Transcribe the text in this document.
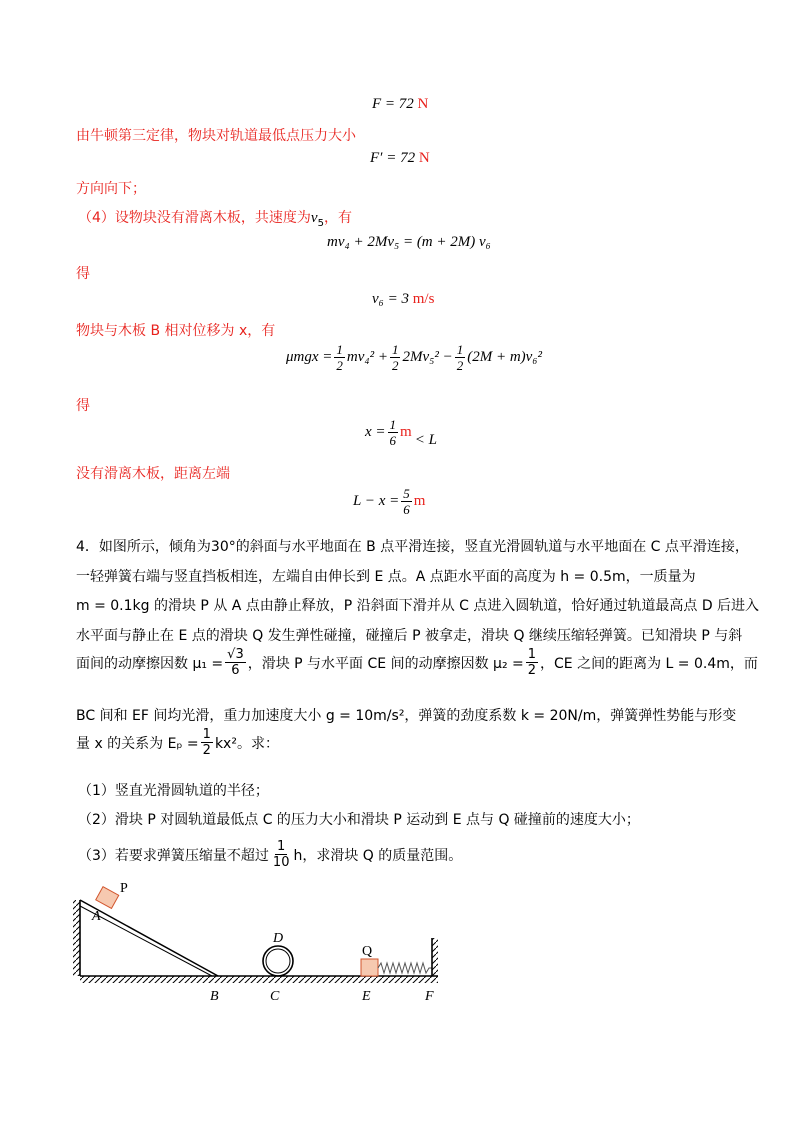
F = 72 N
由牛顿第三定律，物块对轨道最低点压力大小
F′ = 72 N
方向向下；
（4）设物块没有滑离木板，共速度为$v_5$，有
mv₄ + 2Mv₅ = (m + 2M) v₆
得
v₆ = 3 m/s
物块与木板 B 相对位移为 x，有
$\mu mgx = \frac{1}{2} mv_4^2 + \frac{1}{2} 2Mv_5^2 - \frac{1}{2} (2M + m)v_6^2$
得
$x = \frac{1}{6}$ m < L
没有滑离木板，距离左端
$L - x = \frac{5}{6}$ m
4．如图所示，倾角为30°的斜面与水平地面在 B 点平滑连接，竖直光滑圆轨道与水平地面在 C 点平滑连接，
一轻弹簧右端与竖直挡板相连，左端自由伸长到 E 点。A 点距水平面的高度为 h = 0.5m，一质量为
m = 0.1kg 的滑块 P 从 A 点由静止释放，P 沿斜面下滑并从 C 点进入圆轨道，恰好通过轨道最高点 D 后进入
水平面与静止在 E 点的滑块 Q 发生弹性碰撞，碰撞后 P 被拿走，滑块 Q 继续压缩轻弹簧。已知滑块 P 与斜
面间的动摩擦因数 $\mu_1 = \frac{√3}{6}$ ，滑块 P 与水平面 CE 间的动摩擦因数 $\mu_2 = \frac{1}{2}$ ，CE 之间的距离为 L = 0.4m，而
BC 间和 EF 间均光滑，重力加速度大小 g = 10m/s²，弹簧的劲度系数 k = 20N/m，弹簧弹性势能与形变
量 x 的关系为 $E_p = \frac{1}{2} kx^2$。求：
（1）竖直光滑圆轨道的半径；
（2）滑块 P 对圆轨道最低点 C 的压力大小和滑块 P 运动到 E 点与 Q 碰撞前的速度大小；
（3）若要求弹簧压缩量不超过 $\frac{1}{10}$ h，求滑块 Q 的质量范围。
P
A
D
Q
B	C	E	F
